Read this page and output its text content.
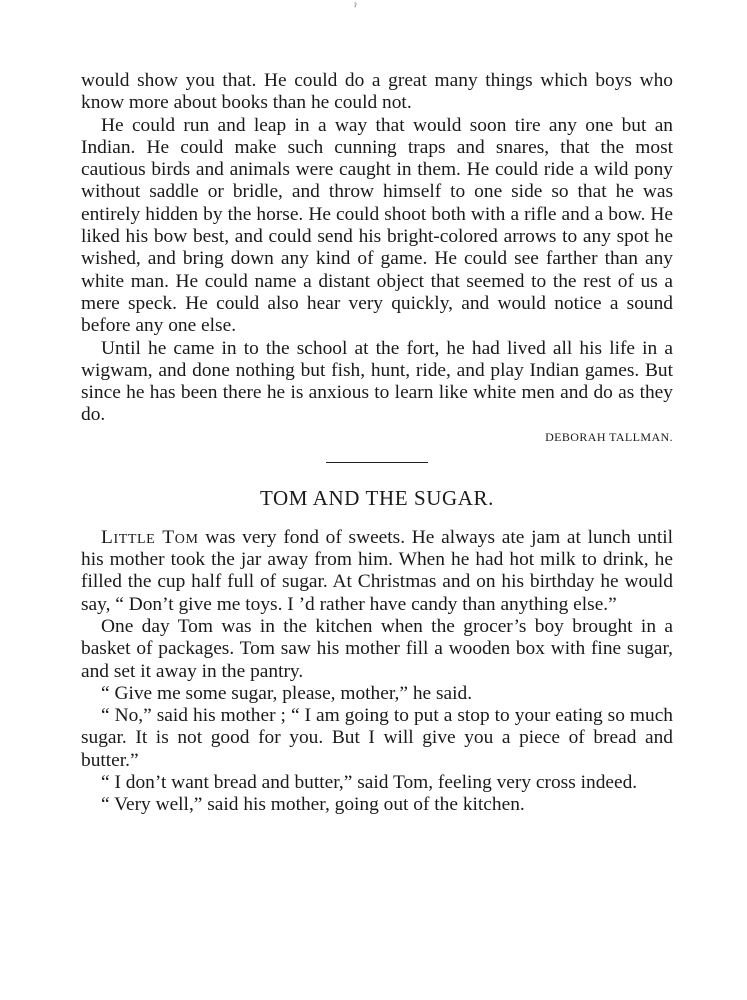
ˀ

would show you that. He could do a great many things which boys who know more about books than he could not.

He could run and leap in a way that would soon tire any one but an Indian. He could make such cunning traps and snares, that the most cautious birds and animals were caught in them. He could ride a wild pony without saddle or bridle, and throw himself to one side so that he was entirely hidden by the horse. He could shoot both with a rifle and a bow. He liked his bow best, and could send his bright-colored arrows to any spot he wished, and bring down any kind of game. He could see farther than any white man. He could name a distant object that seemed to the rest of us a mere speck. He could also hear very quickly, and would notice a sound before any one else.

Until he came in to the school at the fort, he had lived all his life in a wigwam, and done nothing but fish, hunt, ride, and play Indian games. But since he has been there he is anxious to learn like white men and do as they do.

DEBORAH TALLMAN.

TOM AND THE SUGAR.

Little Tom was very fond of sweets. He always ate jam at lunch until his mother took the jar away from him. When he had hot milk to drink, he filled the cup half full of sugar. At Christmas and on his birthday he would say, “ Don’t give me toys. I ’d rather have candy than anything else.”

One day Tom was in the kitchen when the grocer’s boy brought in a basket of packages. Tom saw his mother fill a wooden box with fine sugar, and set it away in the pantry.

“ Give me some sugar, please, mother,” he said.

“ No,” said his mother ; “ I am going to put a stop to your eating so much sugar. It is not good for you. But I will give you a piece of bread and butter.”

“ I don’t want bread and butter,” said Tom, feeling very cross indeed.

“ Very well,” said his mother, going out of the kitchen.
